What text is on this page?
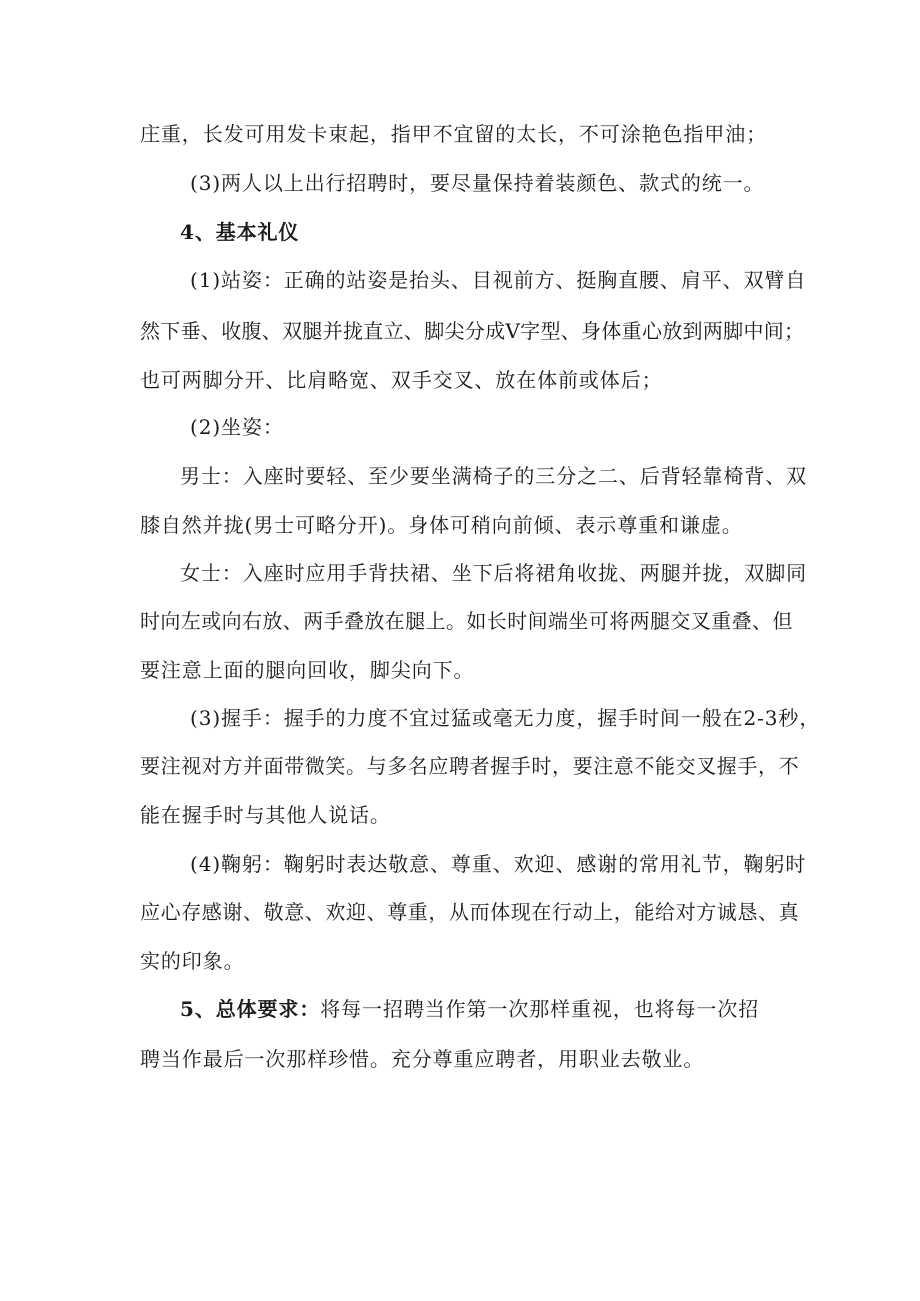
庄重，长发可用发卡束起，指甲不宜留的太长，不可涂艳色指甲油；
(3)两人以上出行招聘时，要尽量保持着装颜色、款式的统一。
4、基本礼仪
(1)站姿：正确的站姿是抬头、目视前方、挺胸直腰、肩平、双臂自
然下垂、收腹、双腿并拢直立、脚尖分成V字型、身体重心放到两脚中间；
也可两脚分开、比肩略宽、双手交叉、放在体前或体后；
(2)坐姿：
男士：入座时要轻、至少要坐满椅子的三分之二、后背轻靠椅背、双
膝自然并拢(男士可略分开)。身体可稍向前倾、表示尊重和谦虚。
女士：入座时应用手背扶裙、坐下后将裙角收拢、两腿并拢，双脚同
时向左或向右放、两手叠放在腿上。如长时间端坐可将两腿交叉重叠、但
要注意上面的腿向回收，脚尖向下。
(3)握手：握手的力度不宜过猛或毫无力度，握手时间一般在2-3秒，
要注视对方并面带微笑。与多名应聘者握手时，要注意不能交叉握手，不
能在握手时与其他人说话。
(4)鞠躬：鞠躬时表达敬意、尊重、欢迎、感谢的常用礼节，鞠躬时
应心存感谢、敬意、欢迎、尊重，从而体现在行动上，能给对方诚恳、真
实的印象。
5、总体要求：将每一招聘当作第一次那样重视，也将每一次招
聘当作最后一次那样珍惜。充分尊重应聘者，用职业去敬业。
